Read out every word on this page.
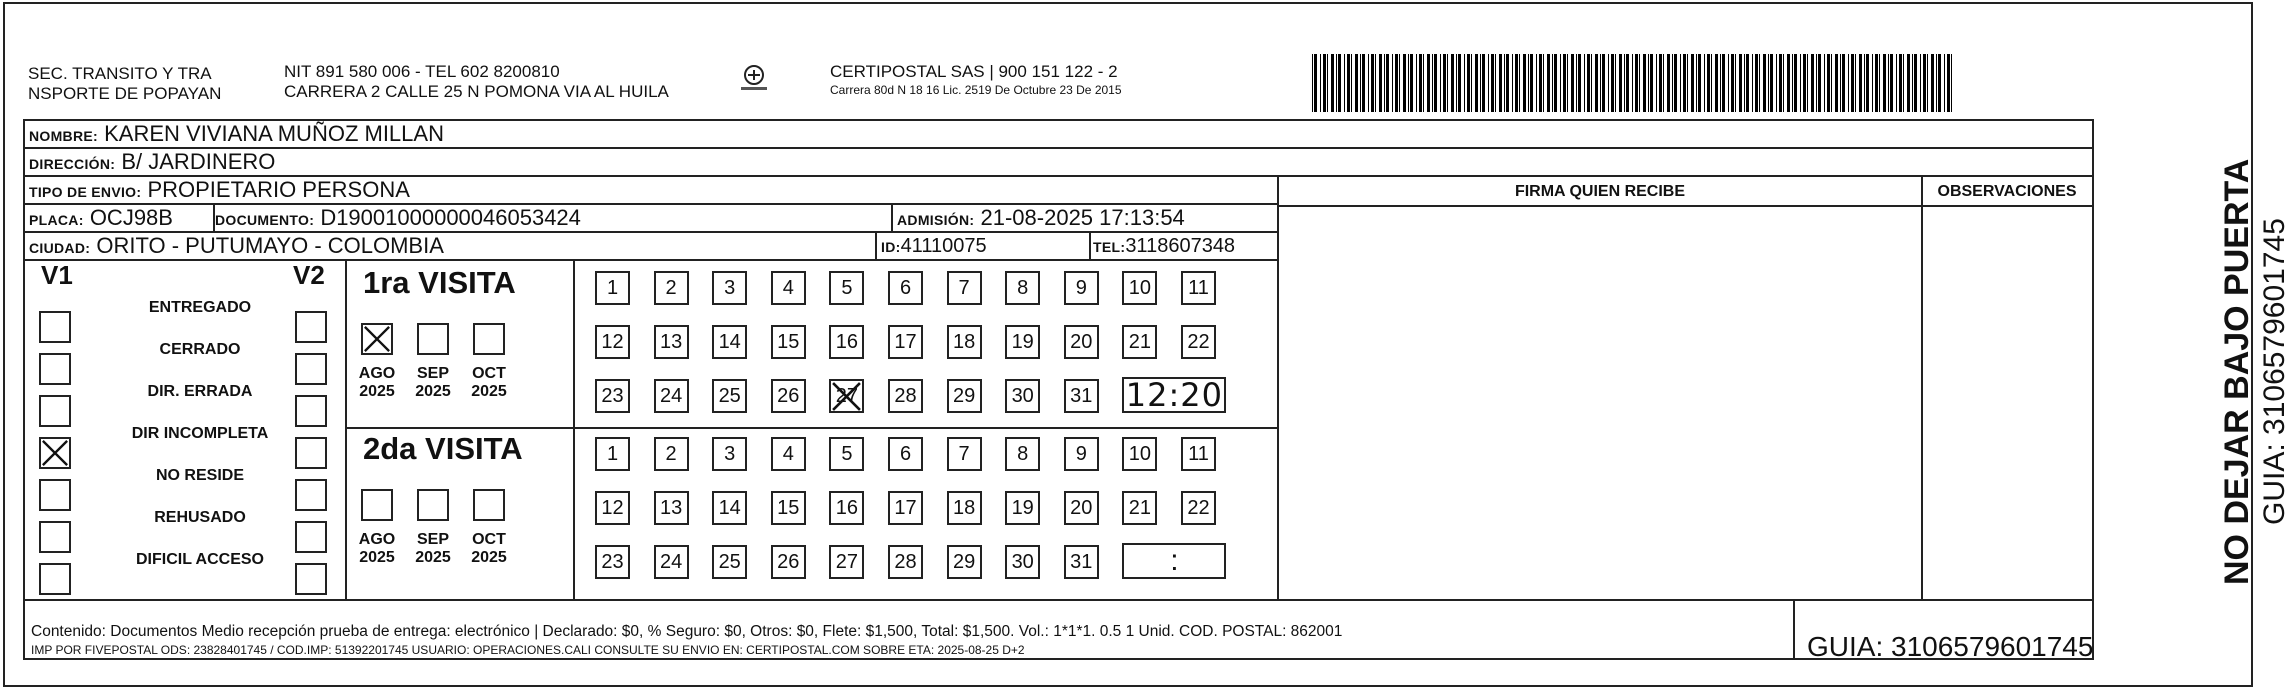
SEC. TRANSITO Y TRA
NSPORTE DE POPAYAN
NIT 891 580 006 - TEL 602 8200810
CARRERA 2 CALLE 25 N POMONA VIA AL HUILA
CERTIPOSTAL SAS | 900 151 122 - 2
Carrera 80d N 18 16 Lic. 2519 De Octubre 23 De 2015
NOMBRE: KAREN VIVIANA MUÑOZ MILLAN
DIRECCIÓN: B/ JARDINERO
TIPO DE ENVIO: PROPIETARIO PERSONA
PLACA: OCJ98B	DOCUMENTO: D19001000000046053424	ADMISIÓN: 21-08-2025 17:13:54
CIUDAD: ORITO - PUTUMAYO - COLOMBIA	ID:41110075	TEL:3118607348
FIRMA QUIEN RECIBE	OBSERVACIONES
V1	V2
ENTREGADO
CERRADO
DIR. ERRADA
DIR INCOMPLETA
NO RESIDE
REHUSADO
DIFICIL ACCESO
1ra VISITA
AGO
2025
SEP
2025
OCT
2025
1	2	3	4	5	6	7	8	9	10	11
12	13	14	15	16	17	18	19	20	21	22
23	24	25	26	27	28	29	30	31 12:20
2da VISITA
AGO
2025
SEP
2025
OCT
2025
1	2	3	4	5	6	7	8	9	10	11
12	13	14	15	16	17	18	19	20	21	22
23	24	25	26	27	28	29	30	31	:
Contenido: Documentos Medio recepción prueba de entrega: electrónico | Declarado: $0, % Seguro: $0, Otros: $0, Flete: $1,500, Total: $1,500. Vol.: 1*1*1. 0.5 1 Unid. COD. POSTAL: 862001
IMP POR FIVEPOSTAL ODS: 23828401745 / COD.IMP: 51392201745 USUARIO: OPERACIONES.CALI CONSULTE SU ENVIO EN: CERTIPOSTAL.COM SOBRE ETA: 2025-08-25 D+2	GUIA: 3106579601745
NO DEJAR BAJO PUERTA GUIA: 3106579601745
